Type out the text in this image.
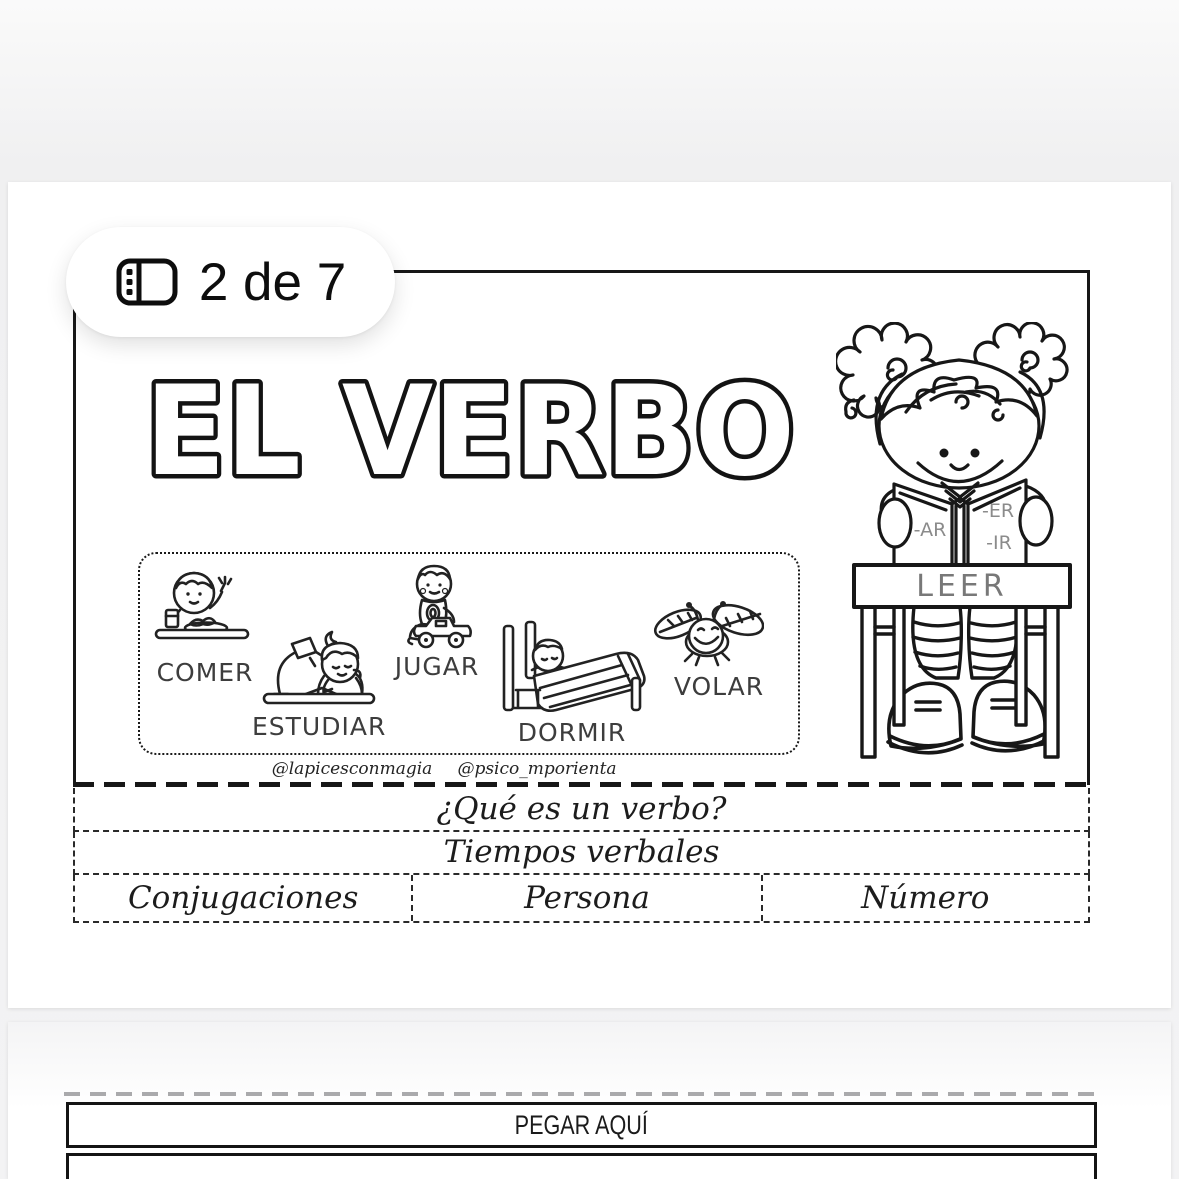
EL VERBO
-AR
-ER
-IR
LEER
COMER
ESTUDIAR
JUGAR
DORMIR
VOLAR
@lapicesconmagia	@psico_mporienta
¿Qué es un verbo?
Tiempos verbales
Conjugaciones	Persona	Número
PEGAR AQUÍ
2 de 7
